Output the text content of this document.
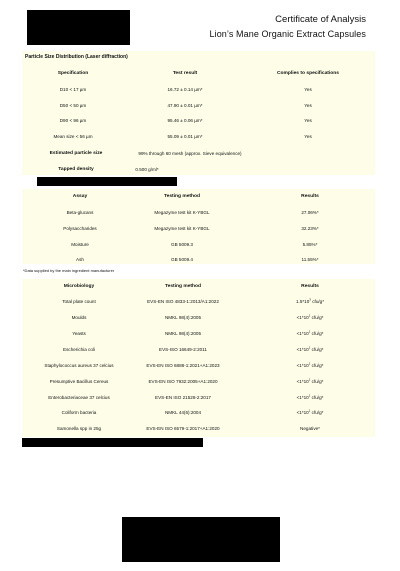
Certificate of Analysis
Lion’s Mane Organic Extract Capsules
Particle Size Distribution (Laser diffraction)
Specification	Test result	Complies to specifications
D10 < 17 µm	16.72 ± 0.14 µm*	Yes
D50 < 50 µm	47.90 ± 0.01 µm*	Yes
D90 < 96 µm	95.46 ± 0.06 µm*	Yes
Mean size < 56 µm	55.09 ± 0.01 µm*	Yes
Estimated particle size	99% through 60 mesh (approx. Sieve equivalence)
Tapped density	0.500 g/ml*
Assay	Testing method	Results
Beta-glucans	Megazyme test kit K-YBGL	27.06%*
Polysaccharides	Megazyme test kit K-YBGL	32.23%*
Moisture	GB 5009.3	5.85%*
Ash	GB 5009.4	11.55%*
*Data supplied by the main ingredient manufacturer
Microbiology	Testing method	Results
Total plate count	EVS-EN ISO 4833-1:2013/A1:2022	$1.5*10^3$ cfu/g*
Moulds	NMKL 98(4):2005	$<1*10^1$ cfu/g*
Yeasts	NMKL 98(4):2005	$<1*10^1$ cfu/g*
Escherichia coli	EVS-ISO 16649-2:2011	$<1*10^1$ cfu/g*
Staphylococcus aureus 37 celcius	EVS-EN ISO 6888-1:2021+A1:2023	$<1*10^1$ cfu/g*
Presumptive Bacillus Cereus	EVS-EN ISO 7932:2005+A1:2020	$<1*10^1$ cfu/g*
Enterobacteriaceae 37 celcius	EVS-EN ISO 21528-2:2017	$<1*10^1$ cfu/g*
Coliform bacteria	NMKL 44(6):2004	$<1*10^1$ cfu/g*
Samonella spp in 25g	EVS-EN ISO 6579-1:2017+A1:2020	Negative*
